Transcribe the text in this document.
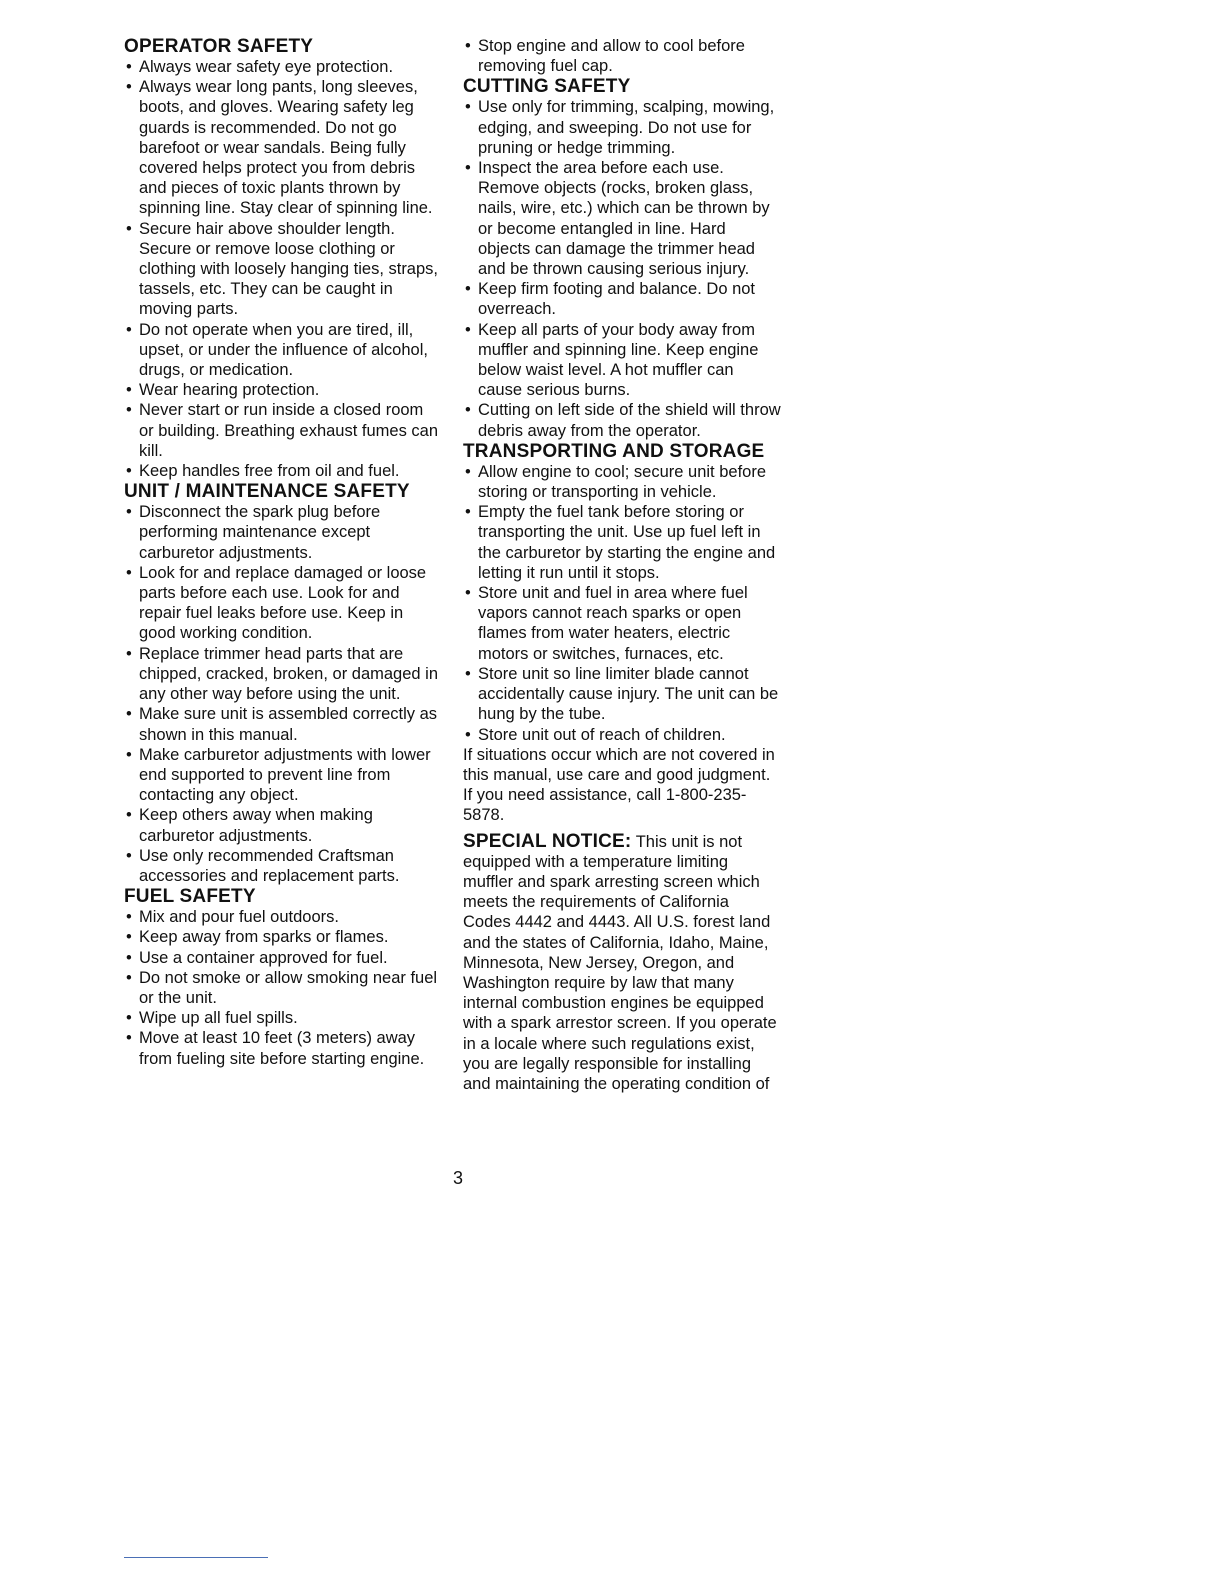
OPERATOR SAFETY
• Always wear safety eye protection.
• Always wear long pants, long sleeves, boots, and gloves. Wearing safety leg guards is recommended. Do not go barefoot or wear sandals. Being fully covered helps protect you from debris and pieces of toxic plants thrown by spinning line. Stay clear of spinning line.
• Secure hair above shoulder length. Secure or remove loose clothing or clothing with loosely hanging ties, straps, tassels, etc. They can be caught in moving parts.
• Do not operate when you are tired, ill, upset, or under the influence of alcohol, drugs, or medication.
• Wear hearing protection.
• Never start or run inside a closed room or building. Breathing exhaust fumes can kill.
• Keep handles free from oil and fuel.
UNIT / MAINTENANCE SAFETY
• Disconnect the spark plug before performing maintenance except carburetor adjustments.
• Look for and replace damaged or loose parts before each use. Look for and repair fuel leaks before use. Keep in good working condition.
• Replace trimmer head parts that are chipped, cracked, broken, or damaged in any other way before using the unit.
• Make sure unit is assembled correctly as shown in this manual.
• Make carburetor adjustments with lower end supported to prevent line from contacting any object.
• Keep others away when making carburetor adjustments.
• Use only recommended Craftsman accessories and replacement parts.
FUEL SAFETY
• Mix and pour fuel outdoors.
• Keep away from sparks or flames.
• Use a container approved for fuel.
• Do not smoke or allow smoking near fuel or the unit.
• Wipe up all fuel spills.
• Move at least 10 feet (3 meters) away from fueling site before starting engine.
• Stop engine and allow to cool before removing fuel cap.
CUTTING SAFETY
• Use only for trimming, scalping, mowing, edging, and sweeping. Do not use for pruning or hedge trimming.
• Inspect the area before each use. Remove objects (rocks, broken glass, nails, wire, etc.) which can be thrown by or become entangled in line. Hard objects can damage the trimmer head and be thrown causing serious injury.
• Keep firm footing and balance. Do not overreach.
• Keep all parts of your body away from muffler and spinning line. Keep engine below waist level. A hot muffler can cause serious burns.
• Cutting on left side of the shield will throw debris away from the operator.
TRANSPORTING AND STORAGE
• Allow engine to cool; secure unit before storing or transporting in vehicle.
• Empty the fuel tank before storing or transporting the unit. Use up fuel left in the carburetor by starting the engine and letting it run until it stops.
• Store unit and fuel in area where fuel vapors cannot reach sparks or open flames from water heaters, electric motors or switches, furnaces, etc.
• Store unit so line limiter blade cannot accidentally cause injury. The unit can be hung by the tube.
• Store unit out of reach of children.

If situations occur which are not covered in this manual, use care and good judgment. If you need assistance, call 1-800-235-5878.

SPECIAL NOTICE: This unit is not equipped with a temperature limiting muffler and spark arresting screen which meets the requirements of California Codes 4442 and 4443. All U.S. forest land and the states of California, Idaho, Maine, Minnesota, New Jersey, Oregon, and Washington require by law that many internal combustion engines be equipped with a spark arrestor screen. If you operate in a locale where such regulations exist, you are legally responsible for installing and maintaining the operating condition of

3
